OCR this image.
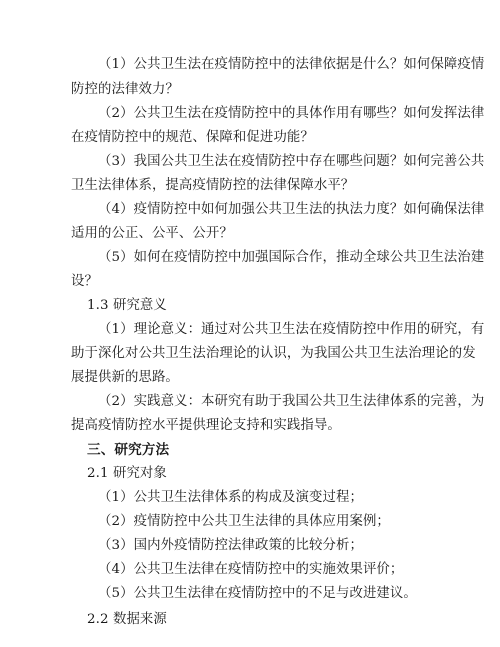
（1）公共卫生法在疫情防控中的法律依据是什么？如何保障疫情
防控的法律效力？
（2）公共卫生法在疫情防控中的具体作用有哪些？如何发挥法律
在疫情防控中的规范、保障和促进功能？
（3）我国公共卫生法在疫情防控中存在哪些问题？如何完善公共
卫生法律体系，提高疫情防控的法律保障水平？
（4）疫情防控中如何加强公共卫生法的执法力度？如何确保法律
适用的公正、公平、公开？
（5）如何在疫情防控中加强国际合作，推动全球公共卫生法治建
设？
1.3 研究意义
（1）理论意义：通过对公共卫生法在疫情防控中作用的研究，有
助于深化对公共卫生法治理论的认识，为我国公共卫生法治理论的发
展提供新的思路。
（2）实践意义：本研究有助于我国公共卫生法律体系的完善，为
提高疫情防控水平提供理论支持和实践指导。
三、研究方法
2.1 研究对象
（1）公共卫生法律体系的构成及演变过程；
（2）疫情防控中公共卫生法律的具体应用案例；
（3）国内外疫情防控法律政策的比较分析；
（4）公共卫生法律在疫情防控中的实施效果评价；
（5）公共卫生法律在疫情防控中的不足与改进建议。
2.2 数据来源
